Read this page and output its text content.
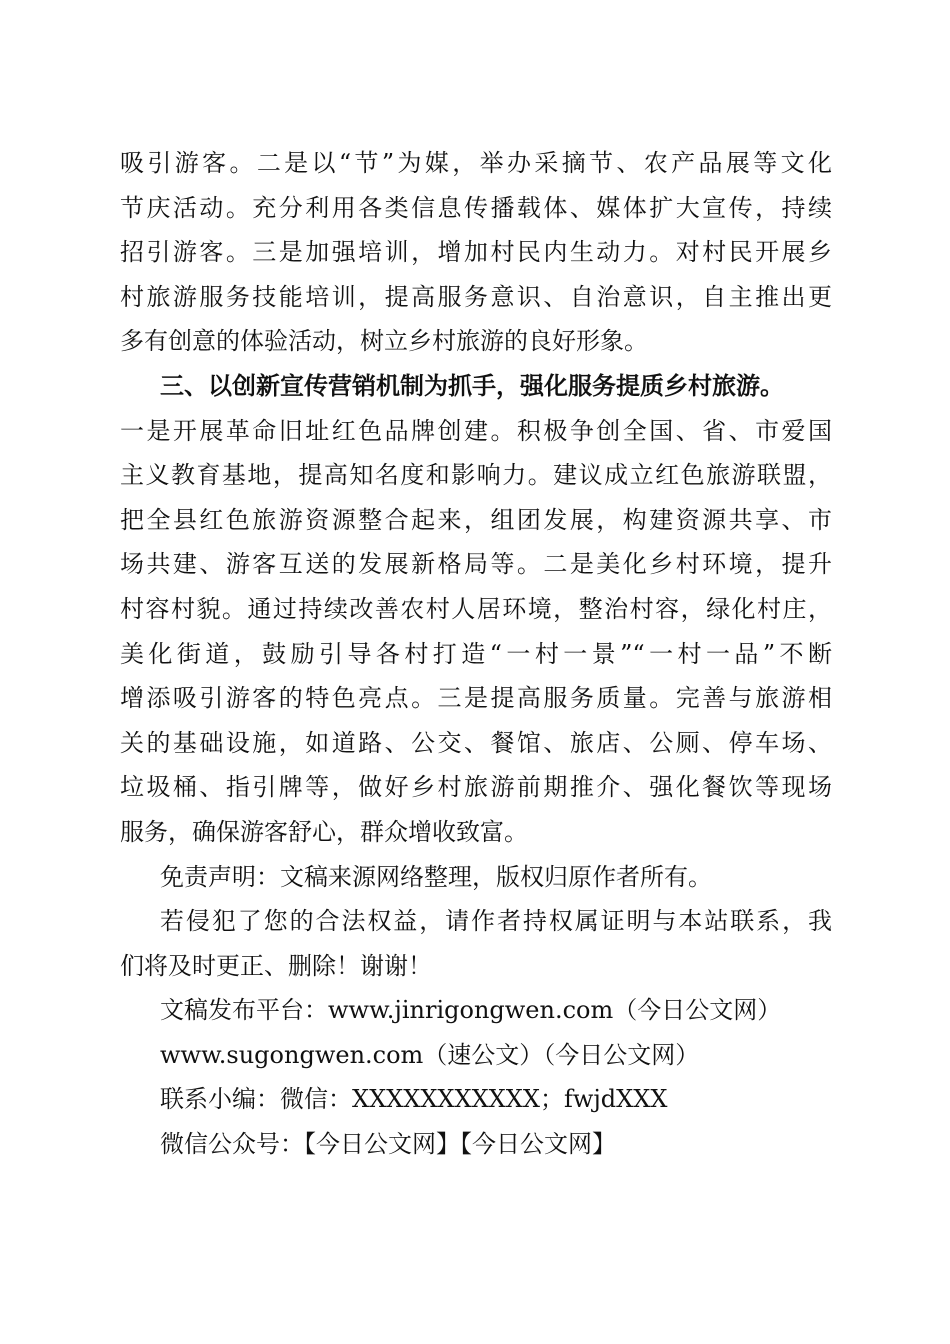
吸引游客。二是以“节”为媒，举办采摘节、农产品展等文化
节庆活动。充分利用各类信息传播载体、媒体扩大宣传，持续
招引游客。三是加强培训，增加村民内生动力。对村民开展乡
村旅游服务技能培训，提高服务意识、自治意识，自主推出更
多有创意的体验活动，树立乡村旅游的良好形象。
三、以创新宣传营销机制为抓手，强化服务提质乡村旅游。
一是开展革命旧址红色品牌创建。积极争创全国、省、市爱国
主义教育基地，提高知名度和影响力。建议成立红色旅游联盟，
把全县红色旅游资源整合起来，组团发展，构建资源共享、市
场共建、游客互送的发展新格局等。二是美化乡村环境，提升
村容村貌。通过持续改善农村人居环境，整治村容，绿化村庄，
美化街道，鼓励引导各村打造“一村一景”“一村一品”不断
增添吸引游客的特色亮点。三是提高服务质量。完善与旅游相
关的基础设施，如道路、公交、餐馆、旅店、公厕、停车场、
垃圾桶、指引牌等，做好乡村旅游前期推介、强化餐饮等现场
服务，确保游客舒心，群众增收致富。
免责声明：文稿来源网络整理，版权归原作者所有。
若侵犯了您的合法权益，请作者持权属证明与本站联系，我
们将及时更正、删除！谢谢！
文稿发布平台：www.jinrigongwen.com（今日公文网）
www.sugongwen.com（速公文）（今日公文网）
联系小编：微信：XXXXXXXXXXX；fwjdXXX
微信公众号：【今日公文网】【今日公文网】
